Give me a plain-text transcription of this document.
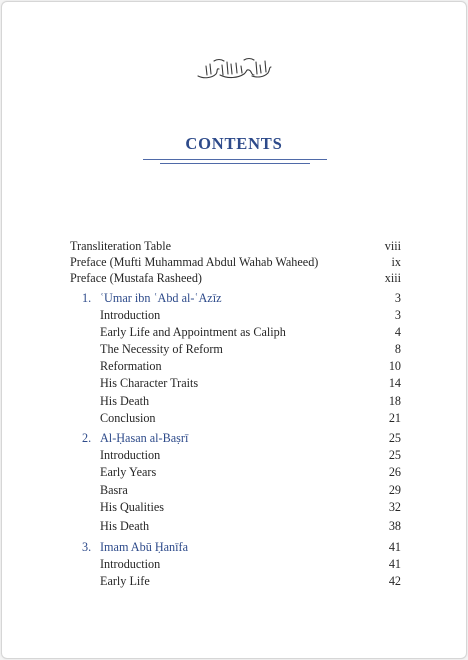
CONTENTS
Transliteration Table	viii
Preface (Mufti Muhammad Abdul Wahab Waheed)	ix
Preface (Mustafa Rasheed)	xiii
1. ʿUmar ibn ʿAbd al-ʿAzīz	3
Introduction	3
Early Life and Appointment as Caliph	4
The Necessity of Reform	8
Reformation	10
His Character Traits	14
His Death	18
Conclusion	21
2. Al-Ḥasan al-Baṣrī	25
Introduction	25
Early Years	26
Basra	29
His Qualities	32
His Death	38
3. Imam Abū Ḥanīfa	41
Introduction	41
Early Life	42
